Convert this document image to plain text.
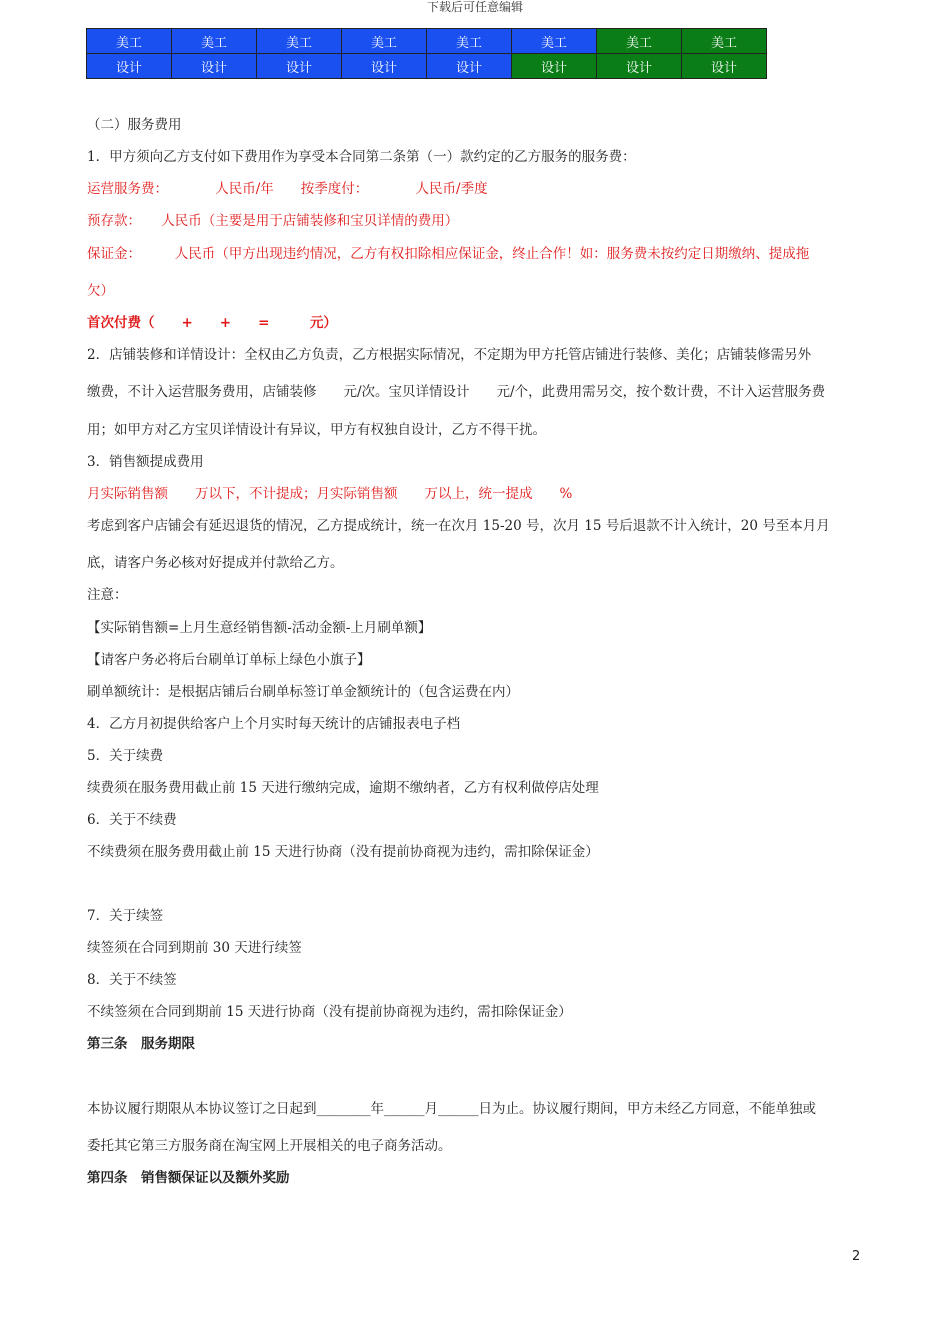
下载后可任意编辑
美工	美工	美工	美工	美工	美工	美工	美工
设计	设计	设计	设计	设计	设计	设计	设计
（二）服务费用
1．甲方须向乙方支付如下费用作为享受本合同第二条第（一）款约定的乙方服务的服务费：
运营服务费：　　　　人民币/年　　按季度付：　　　　人民币/季度
预存款：　　人民币（主要是用于店铺装修和宝贝详情的费用）
保证金：　　　人民币（甲方出现违约情况，乙方有权扣除相应保证金，终止合作！如：服务费未按约定日期缴纳、提成拖
欠）
首次付费（　　+　　+　　=　　　元）
2．店铺装修和详情设计：全权由乙方负责，乙方根据实际情况，不定期为甲方托管店铺进行装修、美化；店铺装修需另外
缴费，不计入运营服务费用，店铺装修　　元/次。宝贝详情设计　　元/个，此费用需另交，按个数计费，不计入运营服务费
用；如甲方对乙方宝贝详情设计有异议，甲方有权独自设计，乙方不得干扰。
3．销售额提成费用
月实际销售额　　万以下，不计提成；月实际销售额　　万以上，统一提成　　%
考虑到客户店铺会有延迟退货的情况，乙方提成统计，统一在次月 15-20 号，次月 15 号后退款不计入统计，20 号至本月月
底，请客户务必核对好提成并付款给乙方。
注意：
【实际销售额=上月生意经销售额-活动金额-上月刷单额】
【请客户务必将后台刷单订单标上绿色小旗子】
刷单额统计：是根据店铺后台刷单标签订单金额统计的（包含运费在内）
4．乙方月初提供给客户上个月实时每天统计的店铺报表电子档
5．关于续费
续费须在服务费用截止前 15 天进行缴纳完成，逾期不缴纳者，乙方有权利做停店处理
6．关于不续费
不续费须在服务费用截止前 15 天进行协商（没有提前协商视为违约，需扣除保证金）
7．关于续签
续签须在合同到期前 30 天进行续签
8．关于不续签
不续签须在合同到期前 15 天进行协商（没有提前协商视为违约，需扣除保证金）
第三条　服务期限
本协议履行期限从本协议签订之日起到________年______月______日为止。协议履行期间，甲方未经乙方同意，不能单独或
委托其它第三方服务商在淘宝网上开展相关的电子商务活动。
第四条　销售额保证以及额外奖励
2
